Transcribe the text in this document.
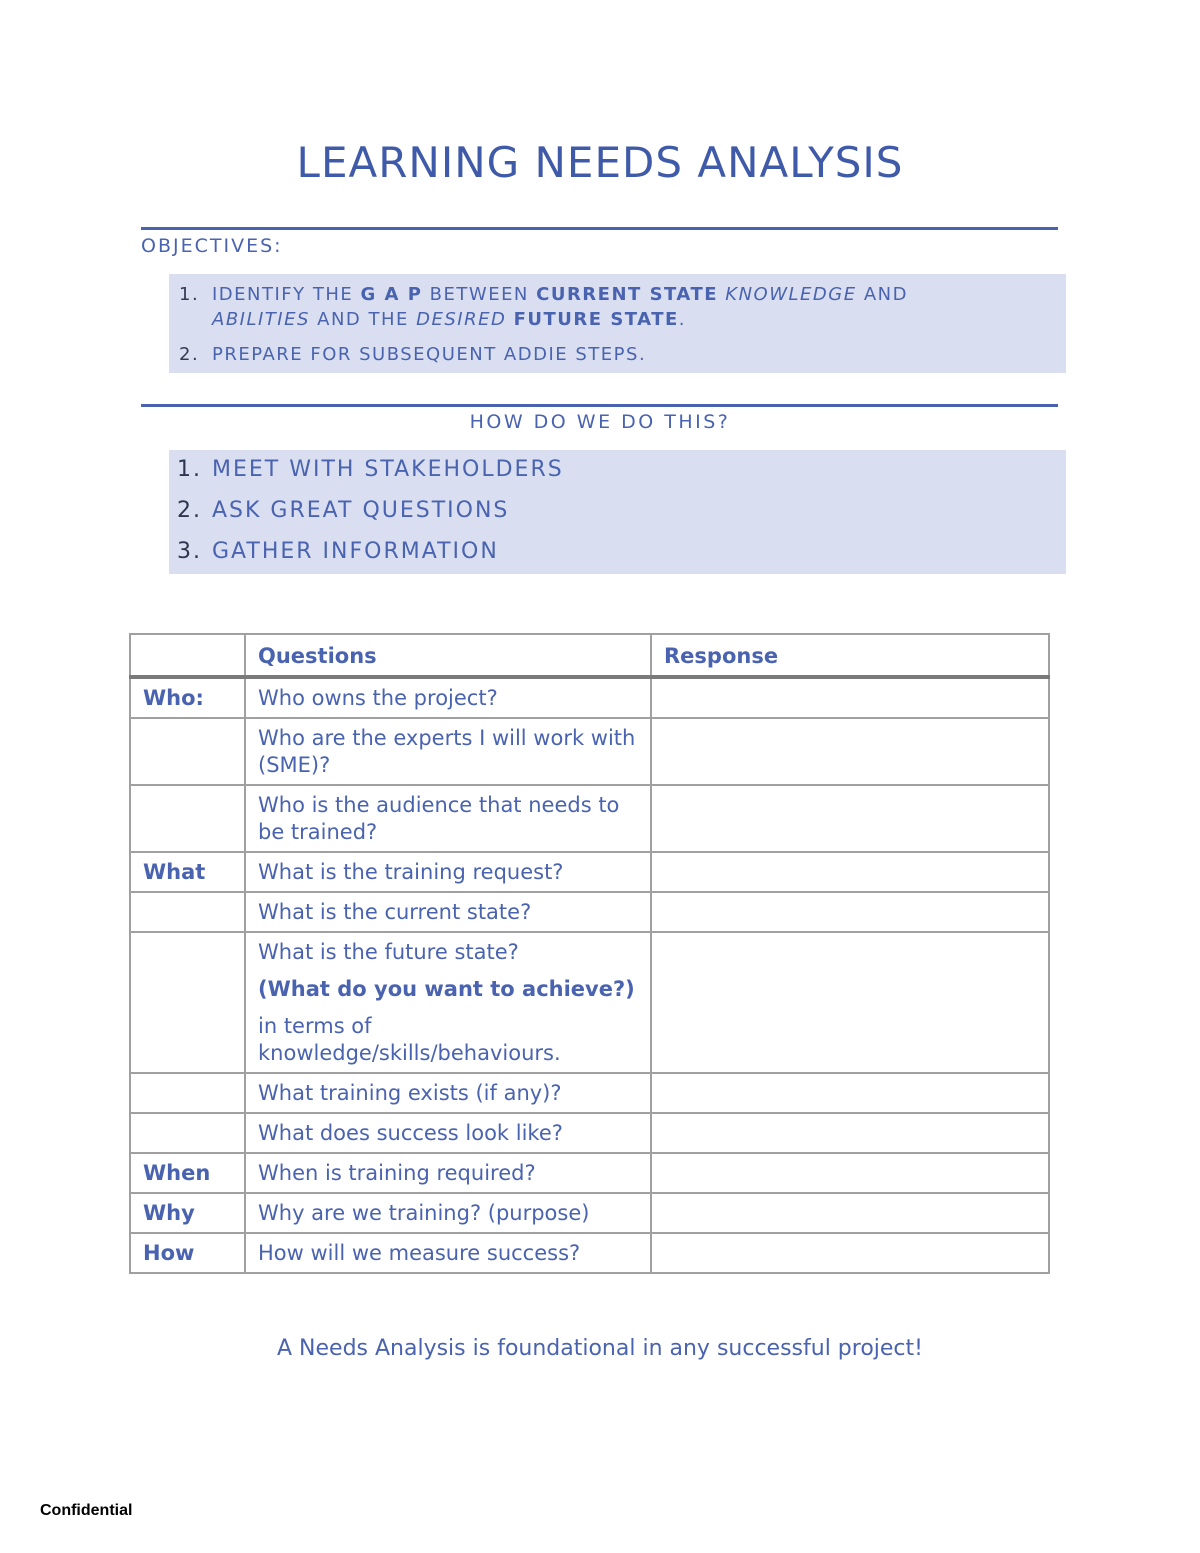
LEARNING NEEDS ANALYSIS
OBJECTIVES:
1. IDENTIFY THE G A P BETWEEN CURRENT STATE KNOWLEDGE AND ABILITIES AND THE DESIRED FUTURE STATE.
2. PREPARE FOR SUBSEQUENT ADDIE STEPS.
HOW DO WE DO THIS?
1. MEET WITH STAKEHOLDERS
2. ASK GREAT QUESTIONS
3. GATHER INFORMATION
	Questions	Response
Who:	Who owns the project?	
	Who are the experts I will work with (SME)?	
	Who is the audience that needs to be trained?	
What	What is the training request?	
	What is the current state?	

	What is the future state?
(What do you want to achieve?)
in terms of knowledge/skills/behaviours.	

	What training exists (if any)?	
	What does success look like?	
When	When is training required?	
Why	Why are we training? (purpose)	
How	How will we measure success?	
A Needs Analysis is foundational in any successful project!
Confidential
